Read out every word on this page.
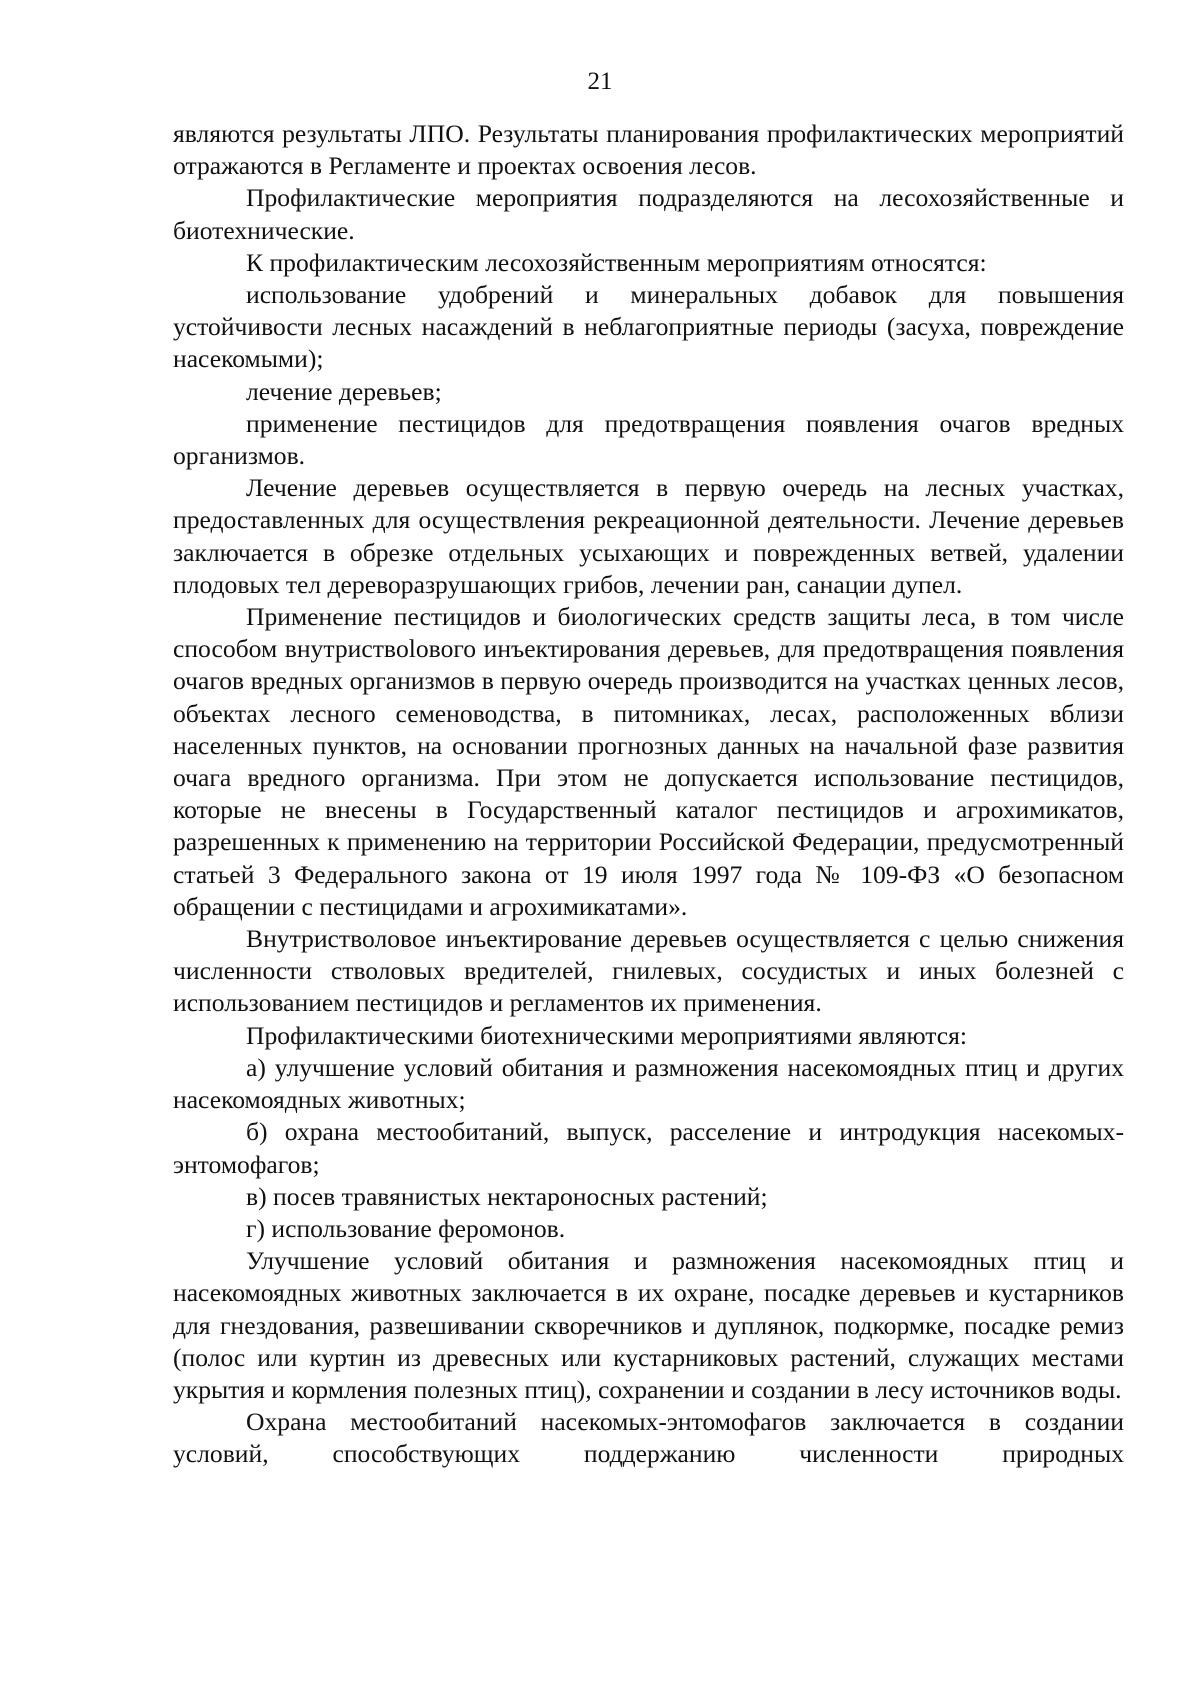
21

являются результаты ЛПО. Результаты планирования профилактических мероприятий отражаются в Регламенте и проектах освоения лесов.

Профилактические мероприятия подразделяются на лесохозяйственные и биотехнические.

К профилактическим лесохозяйственным мероприятиям относятся:

использование удобрений и минеральных добавок для повышения устойчивости лесных насаждений в неблагоприятные периоды (засуха, повреждение насекомыми);

лечение деревьев;

применение пестицидов для предотвращения появления очагов вредных организмов.

Лечение деревьев осуществляется в первую очередь на лесных участках, предоставленных для осуществления рекреационной деятельности. Лечение деревьев заключается в обрезке отдельных усыхающих и поврежденных ветвей, удалении плодовых тел дереворазрушающих грибов, лечении ран, санации дупел.

Применение пестицидов и биологических средств защиты леса, в том числе способом внутриствolового инъектирования деревьев, для предотвращения появления очагов вредных организмов в первую очередь производится на участках ценных лесов, объектах лесного семеноводства, в питомниках, лесах, расположенных вблизи населенных пунктов, на основании прогнозных данных на начальной фазе развития очага вредного организма. При этом не допускается использование пестицидов, которые не внесены в Государственный каталог пестицидов и агрохимикатов, разрешенных к применению на территории Российской Федерации, предусмотренный статьей 3 Федерального закона от 19 июля 1997 года № 109-ФЗ «О безопасном обращении с пестицидами и агрохимикатами».

Внутристволовое инъектирование деревьев осуществляется с целью снижения численности стволовых вредителей, гнилевых, сосудистых и иных болезней с использованием пестицидов и регламентов их применения.

Профилактическими биотехническими мероприятиями являются:

а) улучшение условий обитания и размножения насекомоядных птиц и других насекомоядных животных;

б) охрана местообитаний, выпуск, расселение и интродукция насекомых-энтомофагов;

в) посев травянистых нектароносных растений;

г) использование феромонов.

Улучшение условий обитания и размножения насекомоядных птиц и насекомоядных животных заключается в их охране, посадке деревьев и кустарников для гнездования, развешивании скворечников и дуплянок, подкормке, посадке ремиз (полос или куртин из древесных или кустарниковых растений, служащих местами укрытия и кормления полезных птиц), сохранении и создании в лесу источников воды.

Охрана местообитаний насекомых-энтомофагов заключается в создании условий, способствующих поддержанию численности природных
